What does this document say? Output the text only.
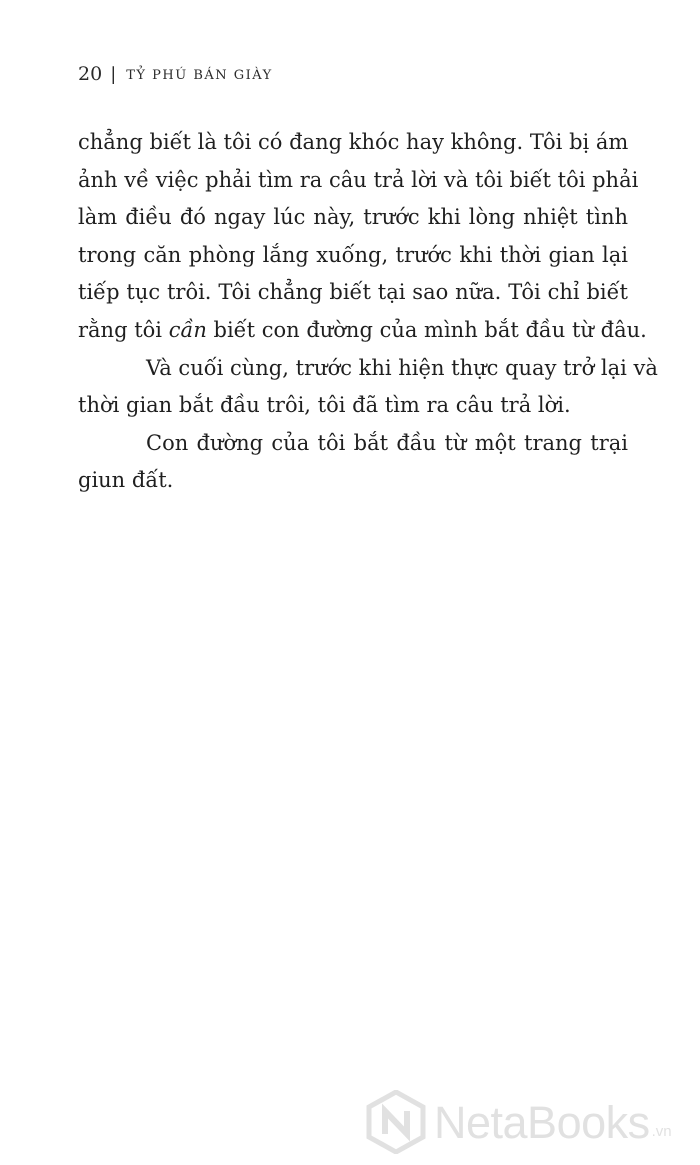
20 | TỶ PHÚ BÁN GIÀY

chẳng biết là tôi có đang khóc hay không. Tôi bị ám
ảnh về việc phải tìm ra câu trả lời và tôi biết tôi phải
làm điều đó ngay lúc này, trước khi lòng nhiệt tình
trong căn phòng lắng xuống, trước khi thời gian lại
tiếp tục trôi. Tôi chẳng biết tại sao nữa. Tôi chỉ biết
rằng tôi cần biết con đường của mình bắt đầu từ đâu.

Và cuối cùng, trước khi hiện thực quay trở lại và
thời gian bắt đầu trôi, tôi đã tìm ra câu trả lời.

Con đường của tôi bắt đầu từ một trang trại
giun đất.

NetaBooks .vn
